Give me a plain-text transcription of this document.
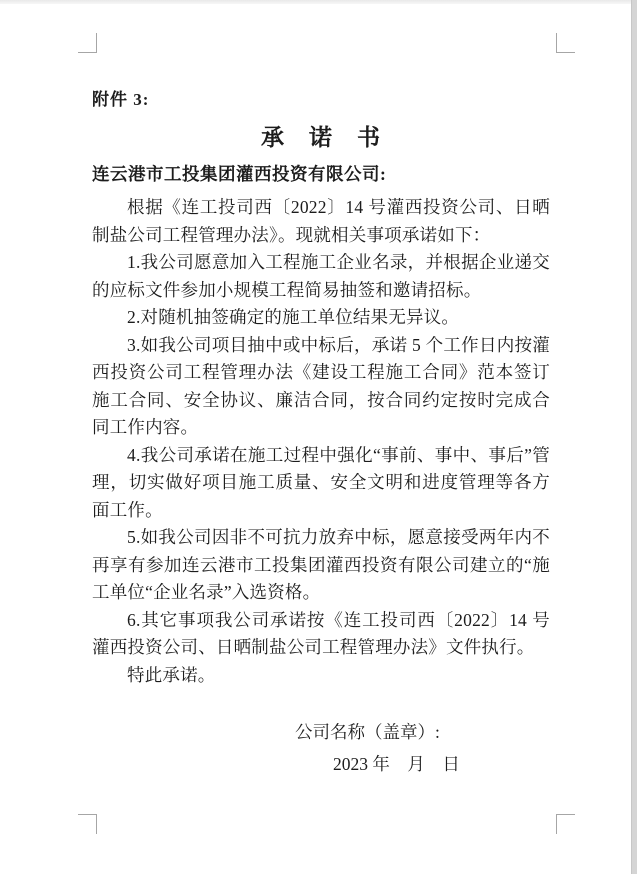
附件 3:
承　诺　书
连云港市工投集团灌西投资有限公司:

根据《连工投司西〔2022〕14 号灌西投资公司、日晒制盐公司工程管理办法》。现就相关事项承诺如下：

1.我公司愿意加入工程施工企业名录，并根据企业递交的应标文件参加小规模工程简易抽签和邀请招标。

2.对随机抽签确定的施工单位结果无异议。

3.如我公司项目抽中或中标后，承诺 5 个工作日内按灌西投资公司工程管理办法《建设工程施工合同》范本签订施工合同、安全协议、廉洁合同，按合同约定按时完成合同工作内容。

4.我公司承诺在施工过程中强化“事前、事中、事后”管理，切实做好项目施工质量、安全文明和进度管理等各方面工作。

5.如我公司因非不可抗力放弃中标，愿意接受两年内不再享有参加连云港市工投集团灌西投资有限公司建立的“施工单位“企业名录”入选资格。

6.其它事项我公司承诺按《连工投司西〔2022〕14 号灌西投资公司、日晒制盐公司工程管理办法》文件执行。

特此承诺。

公司名称（盖章）:
2023 年　月　日
